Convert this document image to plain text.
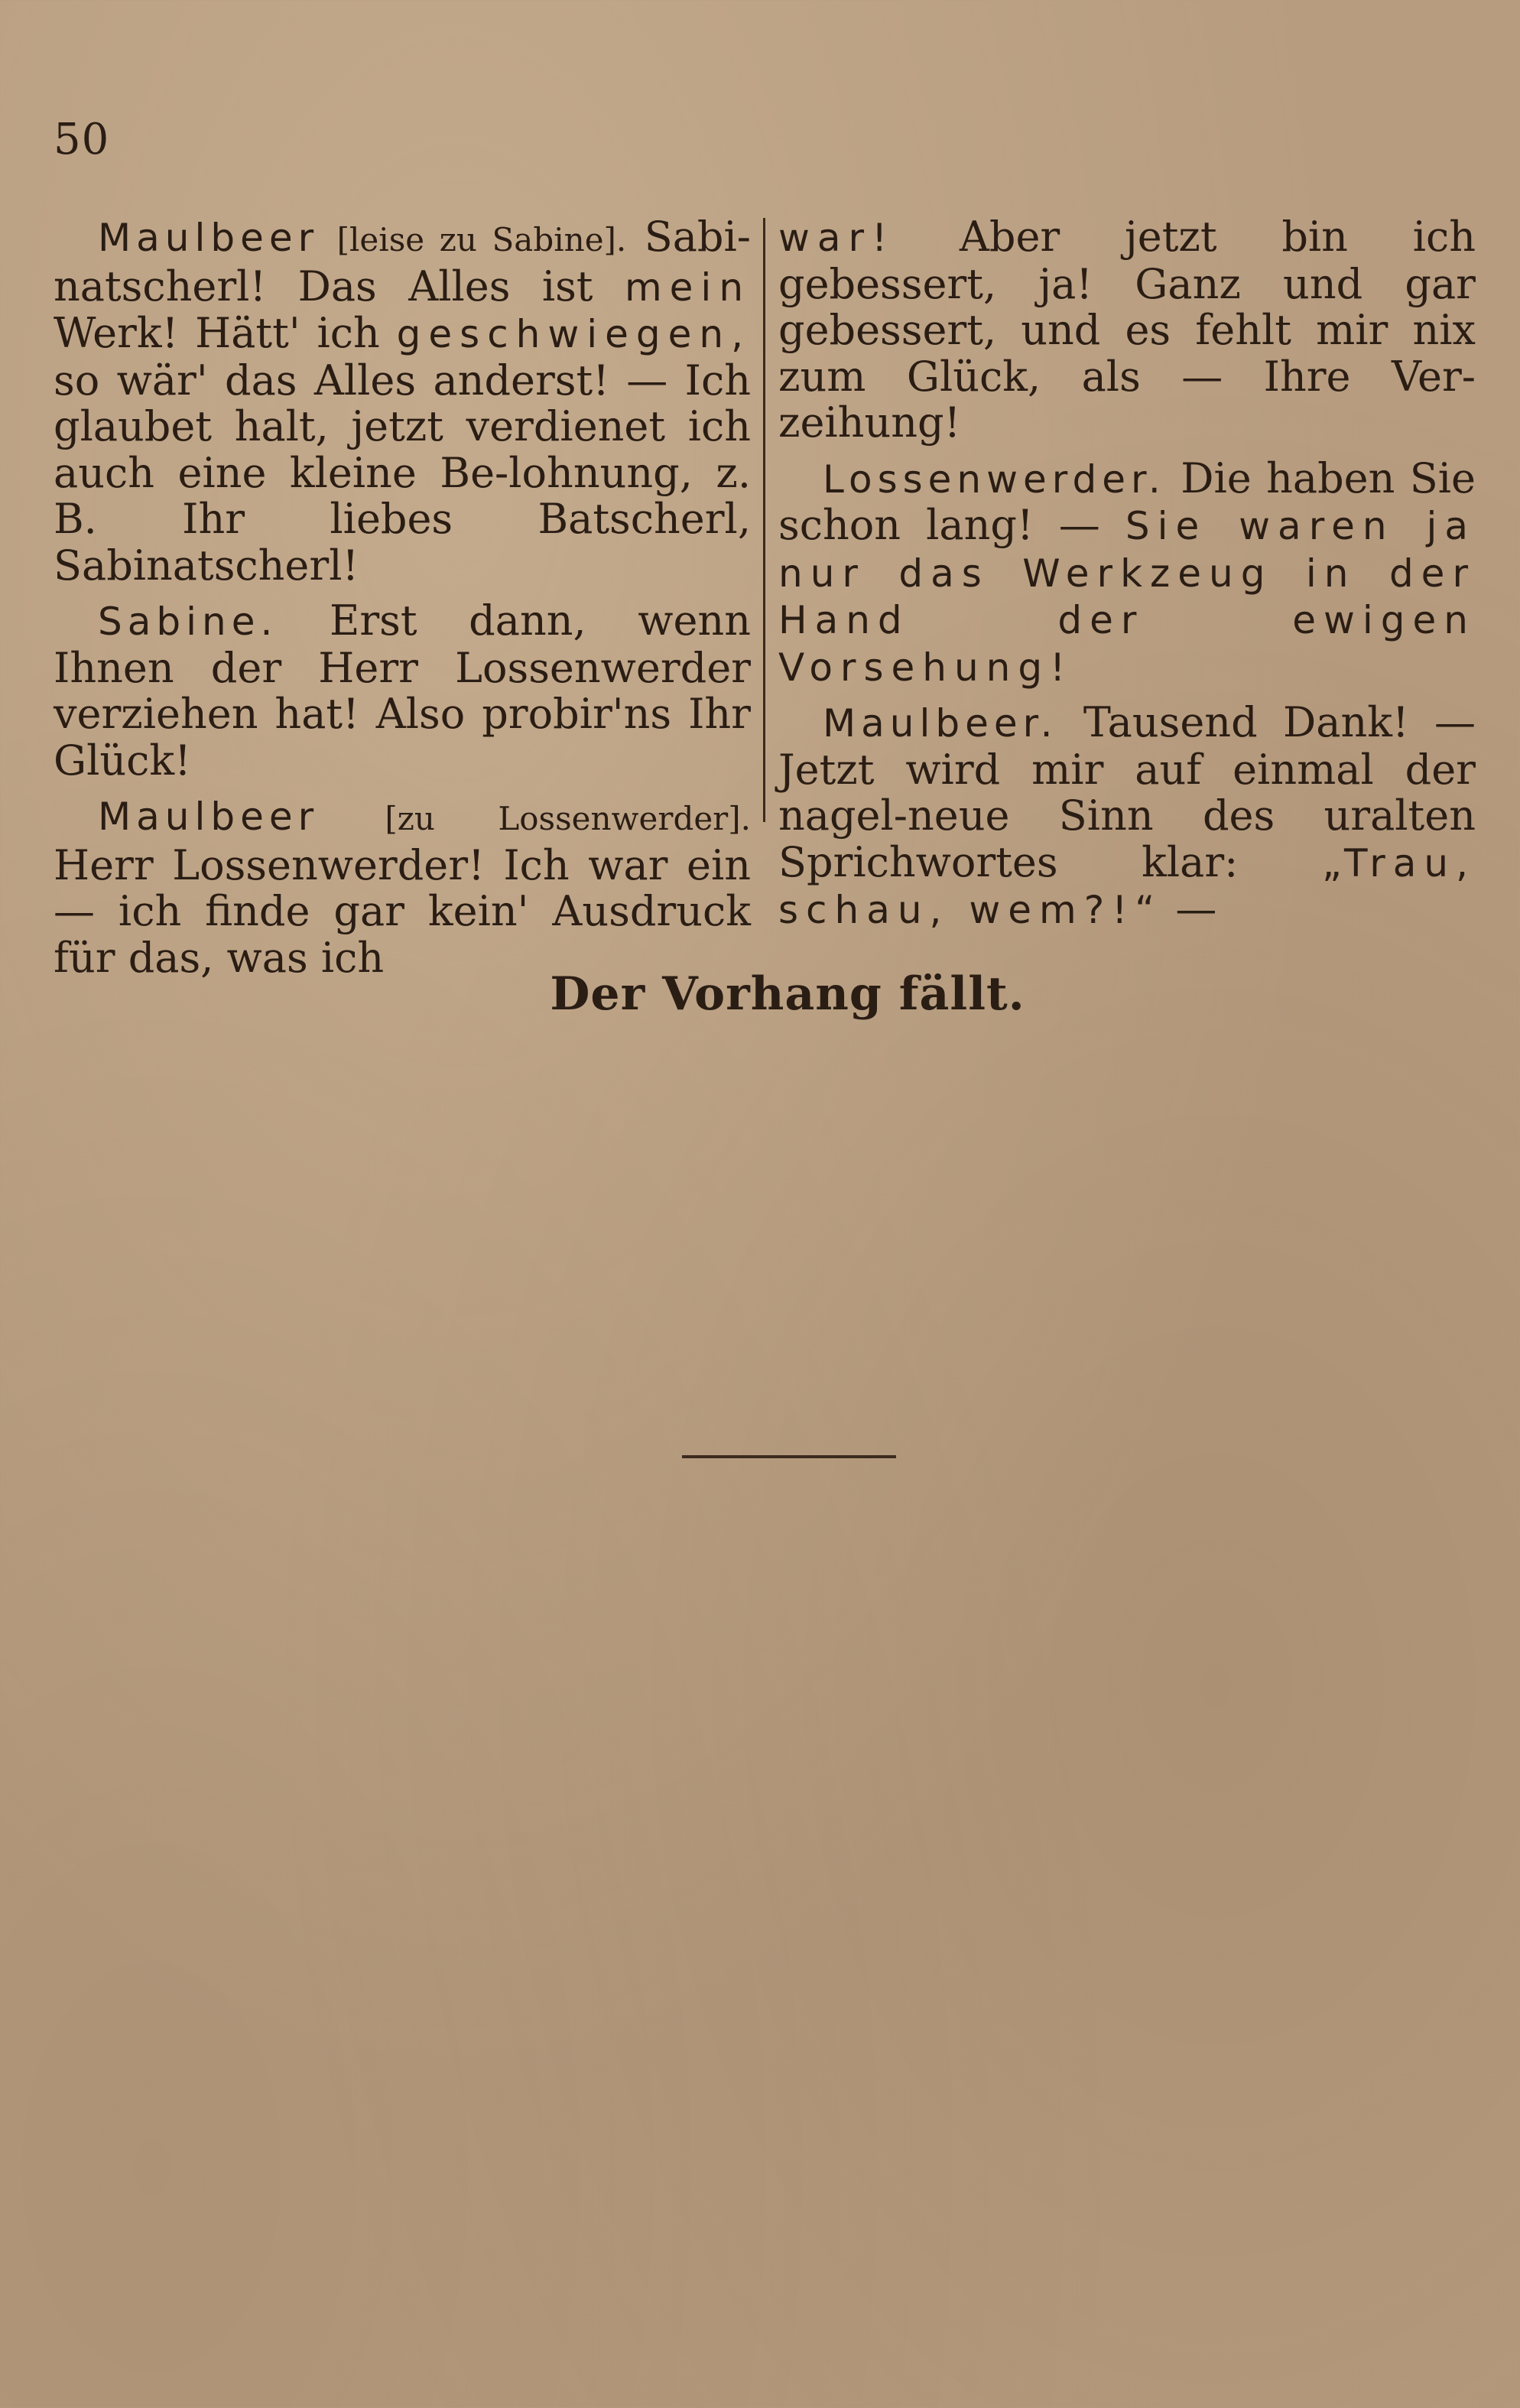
50

Maulbeer [leise zu Sabine]. Sabi-natscherl! Das Alles ist mein Werk! Hätt' ich geschwiegen, so wär' das Alles anderst! — Ich glaubet halt, jetzt verdienet ich auch eine kleine Be-lohnung, z. B. Ihr liebes Batscherl, Sabinatscherl!

Sabine. Erst dann, wenn Ihnen der Herr Lossenwerder verziehen hat! Also probir'ns Ihr Glück!

Maulbeer [zu Lossenwerder]. Herr Lossenwerder! Ich war ein — ich finde gar kein' Ausdruck für das, was ich

war! Aber jetzt bin ich gebessert, ja! Ganz und gar gebessert, und es fehlt mir nix zum Glück, als — Ihre Ver-zeihung!

Lossenwerder. Die haben Sie schon lang! — Sie waren ja nur das Werkzeug in der Hand der ewigen Vorsehung!

Maulbeer. Tausend Dank! — Jetzt wird mir auf einmal der nagel-neue Sinn des uralten Sprichwortes klar: „Trau, schau, wem?!“ —

Der Vorhang fällt.
